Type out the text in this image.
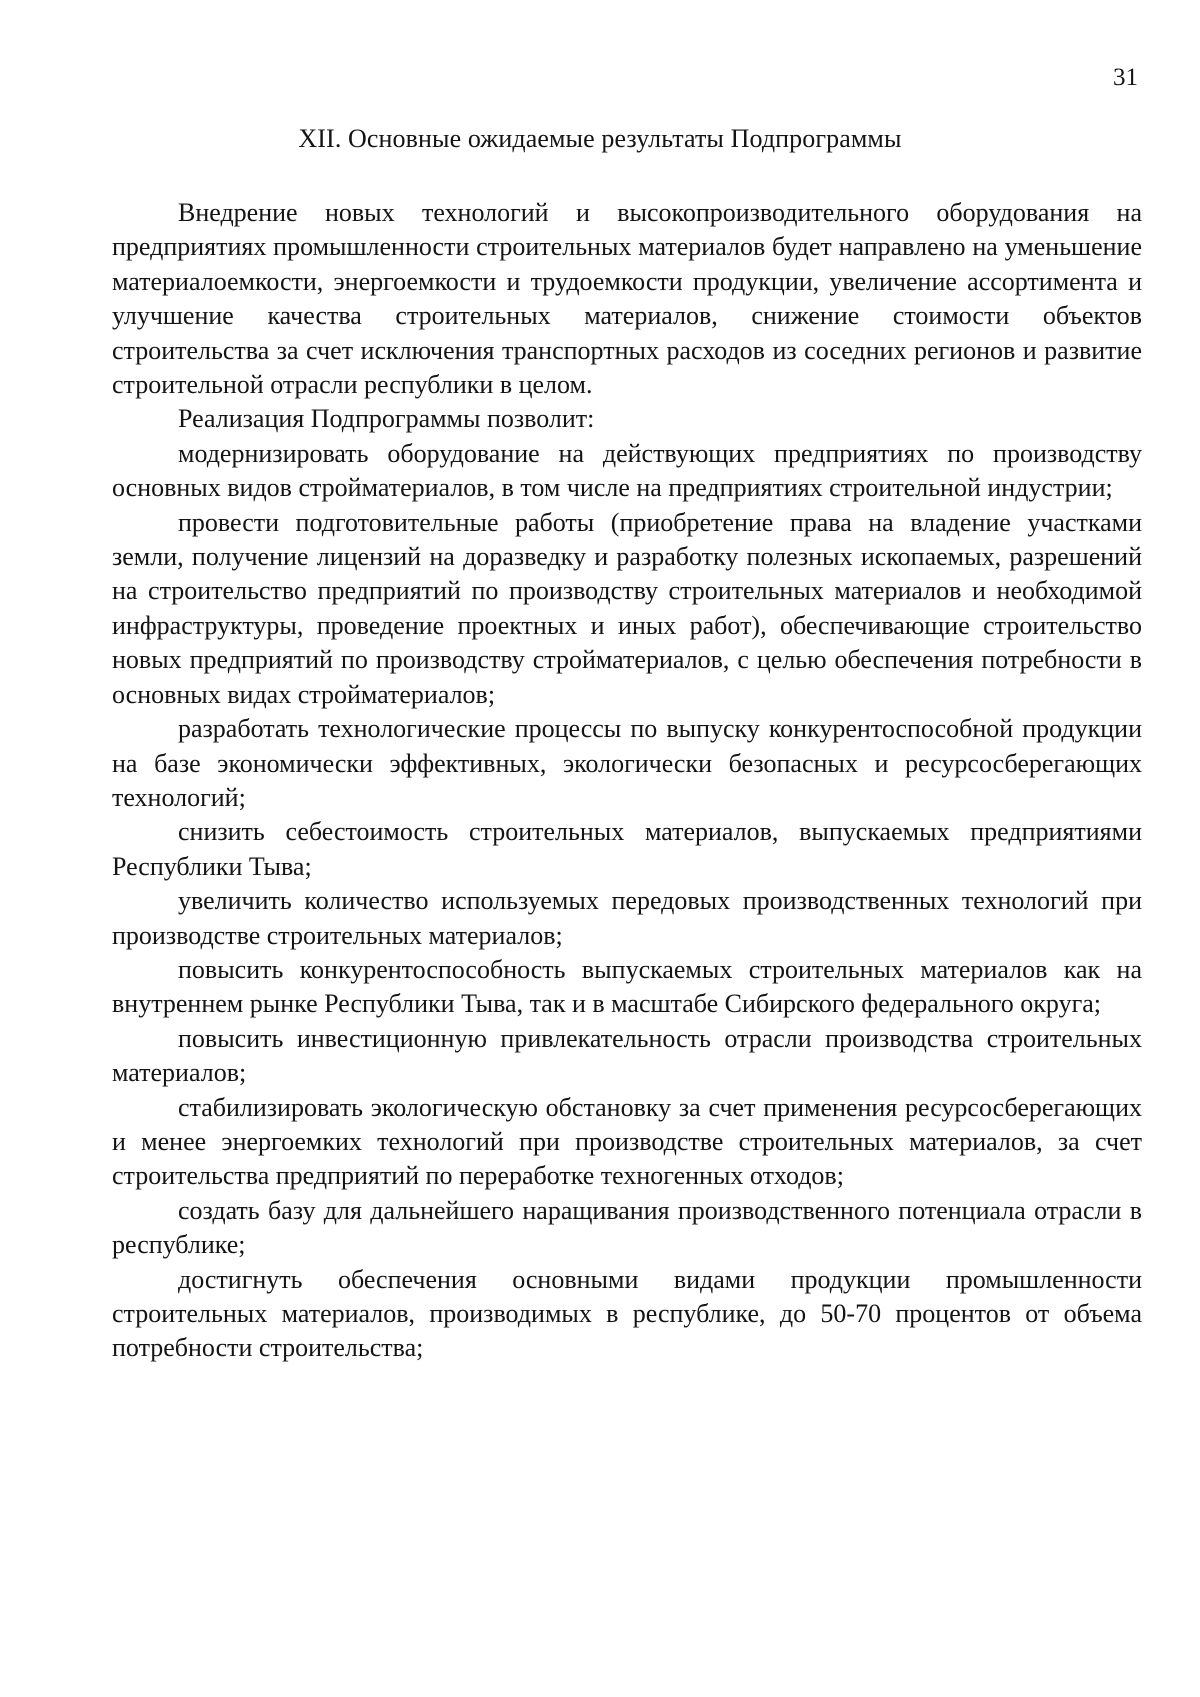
31
XII. Основные ожидаемые результаты Подпрограммы

Внедрение новых технологий и высокопроизводительного оборудования на предприятиях промышленности строительных материалов будет направлено на уменьшение материалоемкости, энергоемкости и трудоемкости продукции, увеличение ассортимента и улучшение качества строительных материалов, снижение стоимости объектов строительства за счет исключения транспортных расходов из соседних регионов и развитие строительной отрасли республики в целом.

Реализация Подпрограммы позволит:

модернизировать оборудование на действующих предприятиях по производству основных видов стройматериалов, в том числе на предприятиях строительной индустрии;

провести подготовительные работы (приобретение права на владение участками земли, получение лицензий на доразведку и разработку полезных ископаемых, разрешений на строительство предприятий по производству строительных материалов и необходимой инфраструктуры, проведение проектных и иных работ), обеспечивающие строительство новых предприятий по производству стройматериалов, с целью обеспечения потребности в основных видах стройматериалов;

разработать технологические процессы по выпуску конкурентоспособной продукции на базе экономически эффективных, экологически безопасных и ресурсосберегающих технологий;

снизить себестоимость строительных материалов, выпускаемых предприятиями Республики Тыва;

увеличить количество используемых передовых производственных технологий при производстве строительных материалов;

повысить конкурентоспособность выпускаемых строительных материалов как на внутреннем рынке Республики Тыва, так и в масштабе Сибирского федерального округа;

повысить инвестиционную привлекательность отрасли производства строительных материалов;

стабилизировать экологическую обстановку за счет применения ресурсосберегающих и менее энергоемких технологий при производстве строительных материалов, за счет строительства предприятий по переработке техногенных отходов;

создать базу для дальнейшего наращивания производственного потенциала отрасли в республике;

достигнуть обеспечения основными видами продукции промышленности строительных материалов, производимых в республике, до 50-70 процентов от объема потребности строительства;
